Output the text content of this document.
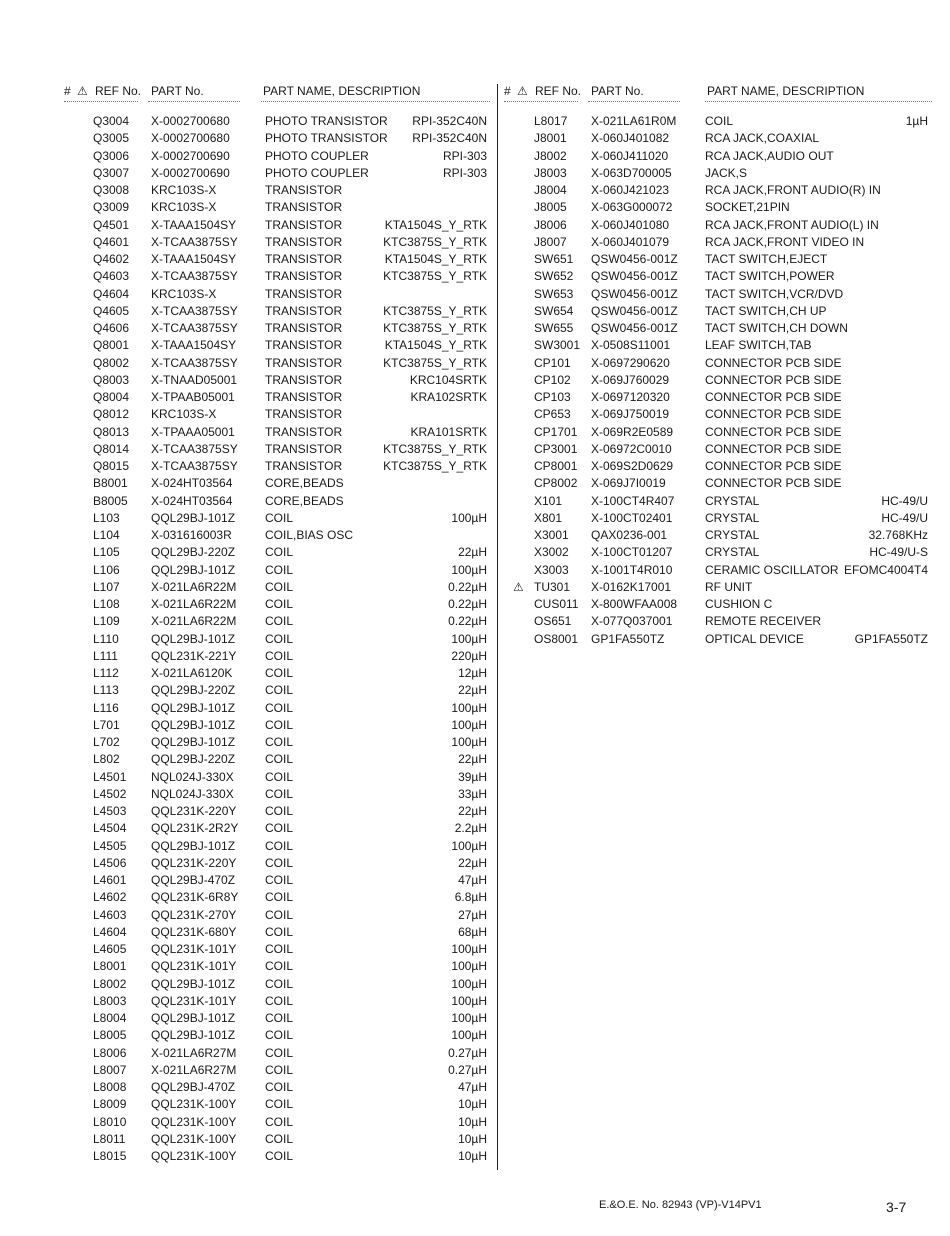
# ⚠ REF No. PART No.	PART NAME, DESCRIPTION
Q3004 X-0002700680	PHOTO TRANSISTOR RPI-352C40N
Q3005 X-0002700680	PHOTO TRANSISTOR RPI-352C40N
Q3006 X-0002700690	PHOTO COUPLER	RPI-303
Q3007 X-0002700690	PHOTO COUPLER	RPI-303
Q3008 KRC103S-X	TRANSISTOR
Q3009 KRC103S-X	TRANSISTOR
Q4501 X-TAAA1504SY TRANSISTOR	KTA1504S_Y_RTK
Q4601 X-TCAA3875SY TRANSISTOR	KTC3875S_Y_RTK
Q4602 X-TAAA1504SY TRANSISTOR	KTA1504S_Y_RTK
Q4603 X-TCAA3875SY TRANSISTOR	KTC3875S_Y_RTK
Q4604 KRC103S-X	TRANSISTOR
Q4605 X-TCAA3875SY TRANSISTOR	KTC3875S_Y_RTK
Q4606 X-TCAA3875SY TRANSISTOR	KTC3875S_Y_RTK
Q8001 X-TAAA1504SY TRANSISTOR	KTA1504S_Y_RTK
Q8002 X-TCAA3875SY TRANSISTOR	KTC3875S_Y_RTK
Q8003 X-TNAAD05001 TRANSISTOR	KRC104SRTK
Q8004 X-TPAAB05001	TRANSISTOR	KRA102SRTK
Q8012 KRC103S-X	TRANSISTOR
Q8013 X-TPAAA05001	TRANSISTOR	KRA101SRTK
Q8014 X-TCAA3875SY TRANSISTOR	KTC3875S_Y_RTK
Q8015 X-TCAA3875SY TRANSISTOR	KTC3875S_Y_RTK
B8001 X-024HT03564	CORE,BEADS
B8005 X-024HT03564	CORE,BEADS
L103	QQL29BJ-101Z COIL	100µH
L104	X-031616003R	COIL,BIAS OSC
L105	QQL29BJ-220Z COIL	22µH
L106	QQL29BJ-101Z COIL	100µH
L107	X-021LA6R22M COIL	0.22µH
L108	X-021LA6R22M COIL	0.22µH
L109	X-021LA6R22M COIL	0.22µH
L110	QQL29BJ-101Z COIL	100µH
L111	QQL231K-221Y COIL	220µH
L112	X-021LA6120K	COIL	12µH
L113	QQL29BJ-220Z COIL	22µH
L116	QQL29BJ-101Z COIL	100µH
L701	QQL29BJ-101Z COIL	100µH
L702	QQL29BJ-101Z COIL	100µH
L802	QQL29BJ-220Z COIL	22µH
L4501 NQL024J-330X	COIL	39µH
L4502 NQL024J-330X	COIL	33µH
L4503 QQL231K-220Y COIL	22µH
L4504 QQL231K-2R2Y COIL	2.2µH
L4505 QQL29BJ-101Z COIL	100µH
L4506 QQL231K-220Y COIL	22µH
L4601 QQL29BJ-470Z COIL	47µH
L4602 QQL231K-6R8Y COIL	6.8µH
L4603 QQL231K-270Y COIL	27µH
L4604 QQL231K-680Y COIL	68µH
L4605 QQL231K-101Y COIL	100µH
L8001 QQL231K-101Y COIL	100µH
L8002 QQL29BJ-101Z COIL	100µH
L8003 QQL231K-101Y COIL	100µH
L8004 QQL29BJ-101Z COIL	100µH
L8005 QQL29BJ-101Z COIL	100µH
L8006 X-021LA6R27M COIL	0.27µH
L8007 X-021LA6R27M COIL	0.27µH
L8008 QQL29BJ-470Z COIL	47µH
L8009 QQL231K-100Y COIL	10µH
L8010 QQL231K-100Y COIL	10µH
L8011 QQL231K-100Y COIL	10µH
L8015 QQL231K-100Y COIL	10µH
# ⚠ REF No. PART No.	PART NAME, DESCRIPTION
L8017 X-021LA61R0M COIL	1µH
J8001 X-060J401082	RCA JACK,COAXIAL
J8002 X-060J411020	RCA JACK,AUDIO OUT
J8003 X-063D700005	JACK,S
J8004 X-060J421023	RCA JACK,FRONT AUDIO(R) IN
J8005 X-063G000072	SOCKET,21PIN
J8006 X-060J401080	RCA JACK,FRONT AUDIO(L) IN
J8007 X-060J401079	RCA JACK,FRONT VIDEO IN
SW651 QSW0456-001Z TACT SWITCH,EJECT
SW652 QSW0456-001Z TACT SWITCH,POWER
SW653 QSW0456-001Z TACT SWITCH,VCR/DVD
SW654 QSW0456-001Z TACT SWITCH,CH UP
SW655 QSW0456-001Z TACT SWITCH,CH DOWN
SW3001 X-0508S11001	LEAF SWITCH,TAB
CP101 X-0697290620	CONNECTOR PCB SIDE
CP102 X-069J760029	CONNECTOR PCB SIDE
CP103 X-0697120320	CONNECTOR PCB SIDE
CP653 X-069J750019	CONNECTOR PCB SIDE
CP1701 X-069R2E0589	CONNECTOR PCB SIDE
CP3001 X-06972C0010	CONNECTOR PCB SIDE
CP8001 X-069S2D0629	CONNECTOR PCB SIDE
CP8002 X-069J7I0019	CONNECTOR PCB SIDE
X101 X-100CT4R407	CRYSTAL	HC-49/U
X801 X-100CT02401	CRYSTAL	HC-49/U
X3001 QAX0236-001	CRYSTAL	32.768KHz
X3002 X-100CT01207	CRYSTAL	HC-49/U-S
X3003 X-1001T4R010	CERAMIC OSCILLATOR EFOMC4004T4
⚠ TU301 X-0162K17001	RF UNIT
CUS011 X-800WFAA008 CUSHION C
OS651 X-077Q037001	REMOTE RECEIVER
OS8001 GP1FA550TZ	OPTICAL DEVICE	GP1FA550TZ
E.&O.E. No. 82943 (VP)-V14PV1	3-7
